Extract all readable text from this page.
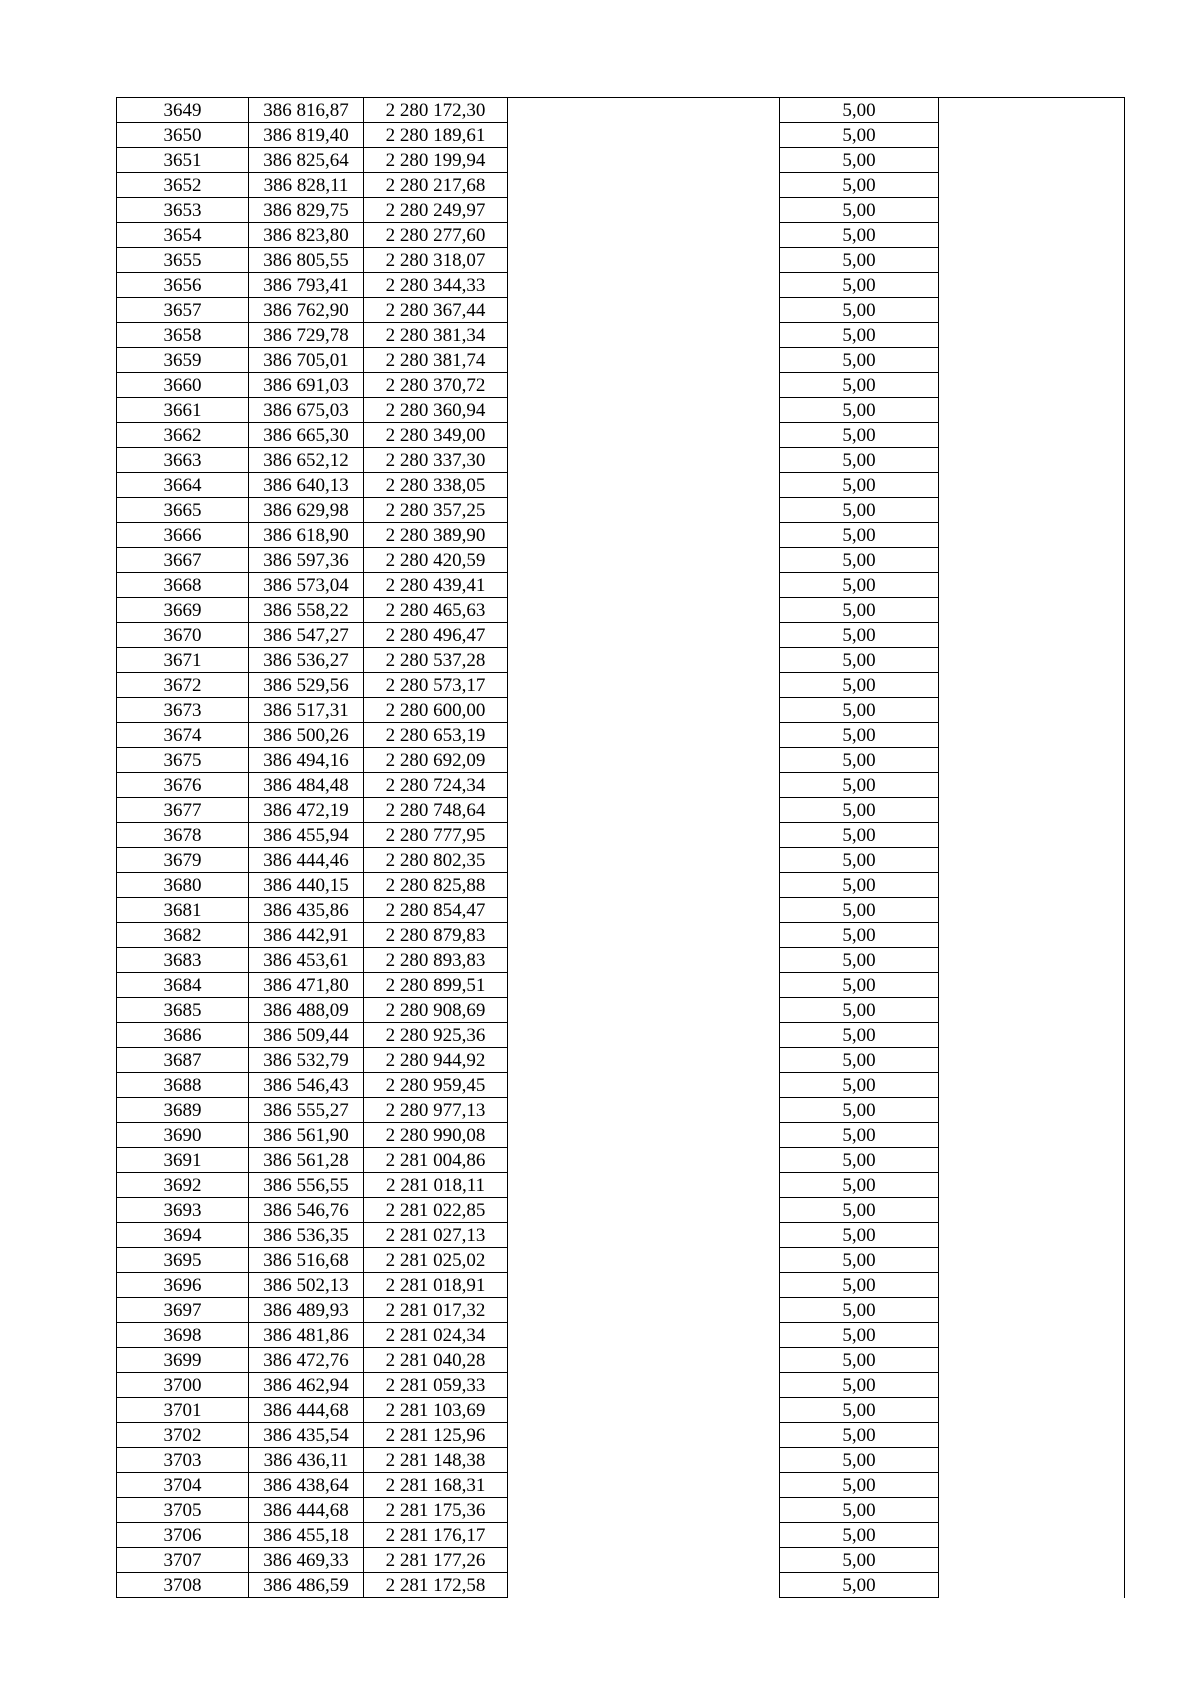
3649	386 816,87	2 280 172,30		5,00	
3650	386 819,40	2 280 189,61		5,00	
3651	386 825,64	2 280 199,94		5,00	
3652	386 828,11	2 280 217,68		5,00	
3653	386 829,75	2 280 249,97		5,00	
3654	386 823,80	2 280 277,60		5,00	
3655	386 805,55	2 280 318,07		5,00	
3656	386 793,41	2 280 344,33		5,00	
3657	386 762,90	2 280 367,44		5,00	
3658	386 729,78	2 280 381,34		5,00	
3659	386 705,01	2 280 381,74		5,00	
3660	386 691,03	2 280 370,72		5,00	
3661	386 675,03	2 280 360,94		5,00	
3662	386 665,30	2 280 349,00		5,00	
3663	386 652,12	2 280 337,30		5,00	
3664	386 640,13	2 280 338,05		5,00	
3665	386 629,98	2 280 357,25		5,00	
3666	386 618,90	2 280 389,90		5,00	
3667	386 597,36	2 280 420,59		5,00	
3668	386 573,04	2 280 439,41		5,00	
3669	386 558,22	2 280 465,63		5,00	
3670	386 547,27	2 280 496,47		5,00	
3671	386 536,27	2 280 537,28		5,00	
3672	386 529,56	2 280 573,17		5,00	
3673	386 517,31	2 280 600,00		5,00	
3674	386 500,26	2 280 653,19		5,00	
3675	386 494,16	2 280 692,09		5,00	
3676	386 484,48	2 280 724,34		5,00	
3677	386 472,19	2 280 748,64		5,00	
3678	386 455,94	2 280 777,95		5,00	
3679	386 444,46	2 280 802,35		5,00	
3680	386 440,15	2 280 825,88		5,00	
3681	386 435,86	2 280 854,47		5,00	
3682	386 442,91	2 280 879,83		5,00	
3683	386 453,61	2 280 893,83		5,00	
3684	386 471,80	2 280 899,51		5,00	
3685	386 488,09	2 280 908,69		5,00	
3686	386 509,44	2 280 925,36		5,00	
3687	386 532,79	2 280 944,92		5,00	
3688	386 546,43	2 280 959,45		5,00	
3689	386 555,27	2 280 977,13		5,00	
3690	386 561,90	2 280 990,08		5,00	
3691	386 561,28	2 281 004,86		5,00	
3692	386 556,55	2 281 018,11		5,00	
3693	386 546,76	2 281 022,85		5,00	
3694	386 536,35	2 281 027,13		5,00	
3695	386 516,68	2 281 025,02		5,00	
3696	386 502,13	2 281 018,91		5,00	
3697	386 489,93	2 281 017,32		5,00	
3698	386 481,86	2 281 024,34		5,00	
3699	386 472,76	2 281 040,28		5,00	
3700	386 462,94	2 281 059,33		5,00	
3701	386 444,68	2 281 103,69		5,00	
3702	386 435,54	2 281 125,96		5,00	
3703	386 436,11	2 281 148,38		5,00	
3704	386 438,64	2 281 168,31		5,00	
3705	386 444,68	2 281 175,36		5,00	
3706	386 455,18	2 281 176,17		5,00	
3707	386 469,33	2 281 177,26		5,00	
3708	386 486,59	2 281 172,58		5,00	
